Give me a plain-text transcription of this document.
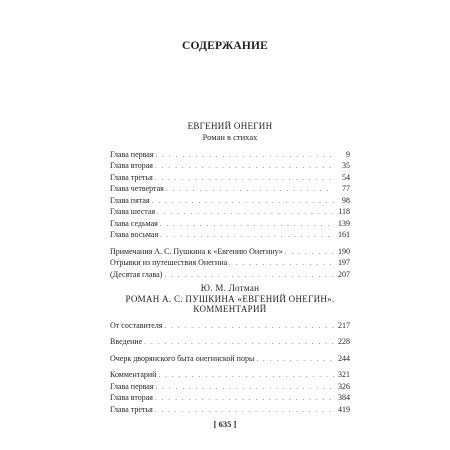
СОДЕРЖАНИЕ
ЕВГЕНИЙ ОНЕГИН
Роман в стихах
Глава первая . . .	9
Глава вторая . . .	35
Глава третья . . .	54
Глава четвертая . . .	77
Глава пятая . . .	98
Глава шестая . . .	118
Глава седьмая . . .	139
Глава восьмая . . .	161
Примечания А. С. Пушкина к «Евгению Онегину» . . .	190
Отрывки из путешествия Онегина . . .	197
(Десятая глава) . . .	207
Ю. М. Лотман
РОМАН А. С. ПУШКИНА «ЕВГЕНИЙ ОНЕГИН».
КОММЕНТАРИЙ
От составителя . . .	217
Введение . . .	228
Очерк дворянского быта онегинской поры . . .	244
Комментарий . . .	321
Глава первая . . .	326
Глава вторая . . .	384
Глава третья . . .	419
[ 635 ]
